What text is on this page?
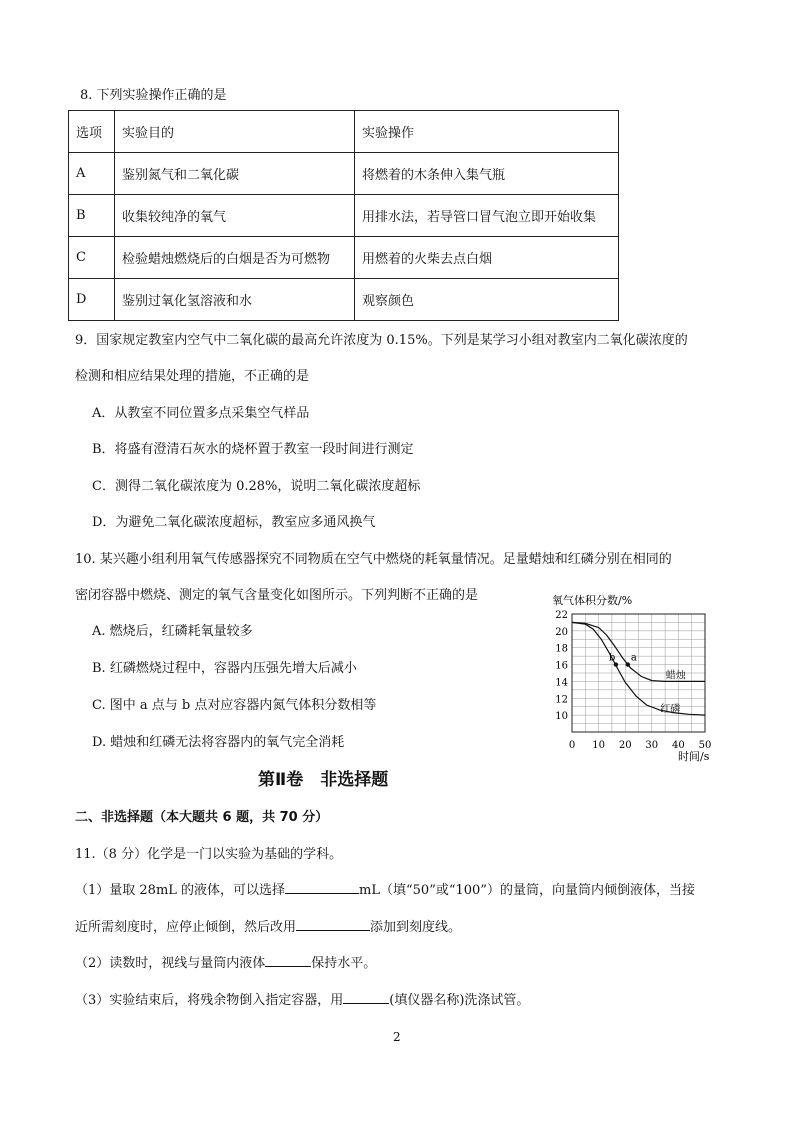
8. 下列实验操作正确的是
选项	实验目的	实验操作
A	鉴别氮气和二氧化碳	将燃着的木条伸入集气瓶
B	收集较纯净的氧气	用排水法，若导管口冒气泡立即开始收集
C	检验蜡烛燃烧后的白烟是否为可燃物	用燃着的火柴去点白烟
D	鉴别过氧化氢溶液和水	观察颜色
9．国家规定教室内空气中二氧化碳的最高允许浓度为 0.15%。下列是某学习小组对教室内二氧化碳浓度的
检测和相应结果处理的措施，不正确的是
A．从教室不同位置多点采集空气样品
B．将盛有澄清石灰水的烧杯置于教室一段时间进行测定
C．测得二氧化碳浓度为 0.28%，说明二氧化碳浓度超标
D．为避免二氧化碳浓度超标，教室应多通风换气
10. 某兴趣小组利用氧气传感器探究不同物质在空气中燃烧的耗氧量情况。足量蜡烛和红磷分别在相同的
密闭容器中燃烧、测定的氧气含量变化如图所示。下列判断不正确的是
A. 燃烧后，红磷耗氧量较多
B. 红磷燃烧过程中，容器内压强先增大后减小
C. 图中 a 点与 b 点对应容器内氮气体积分数相等
D. 蜡烛和红磷无法将容器内的氧气完全消耗
氧气体积分数/%
时间/s
0 10 20 30 40 50
10
12
14
16
18
20
22
蜡烛
红磷
b a
第Ⅱ卷　非选择题
二、非选择题（本大题共 6 题，共 70 分）
11.（8 分）化学是一门以实验为基础的学科。
（1）量取 28mL 的液体，可以选择	mL（填“50”或“100”）的量筒，向量筒内倾倒液体，当接
近所需刻度时，应停止倾倒，然后改用	添加到刻度线。
（2）读数时，视线与量筒内液体	保持水平。
（3）实验结束后，将残余物倒入指定容器，用	(填仪器名称)洗涤试管。
2
